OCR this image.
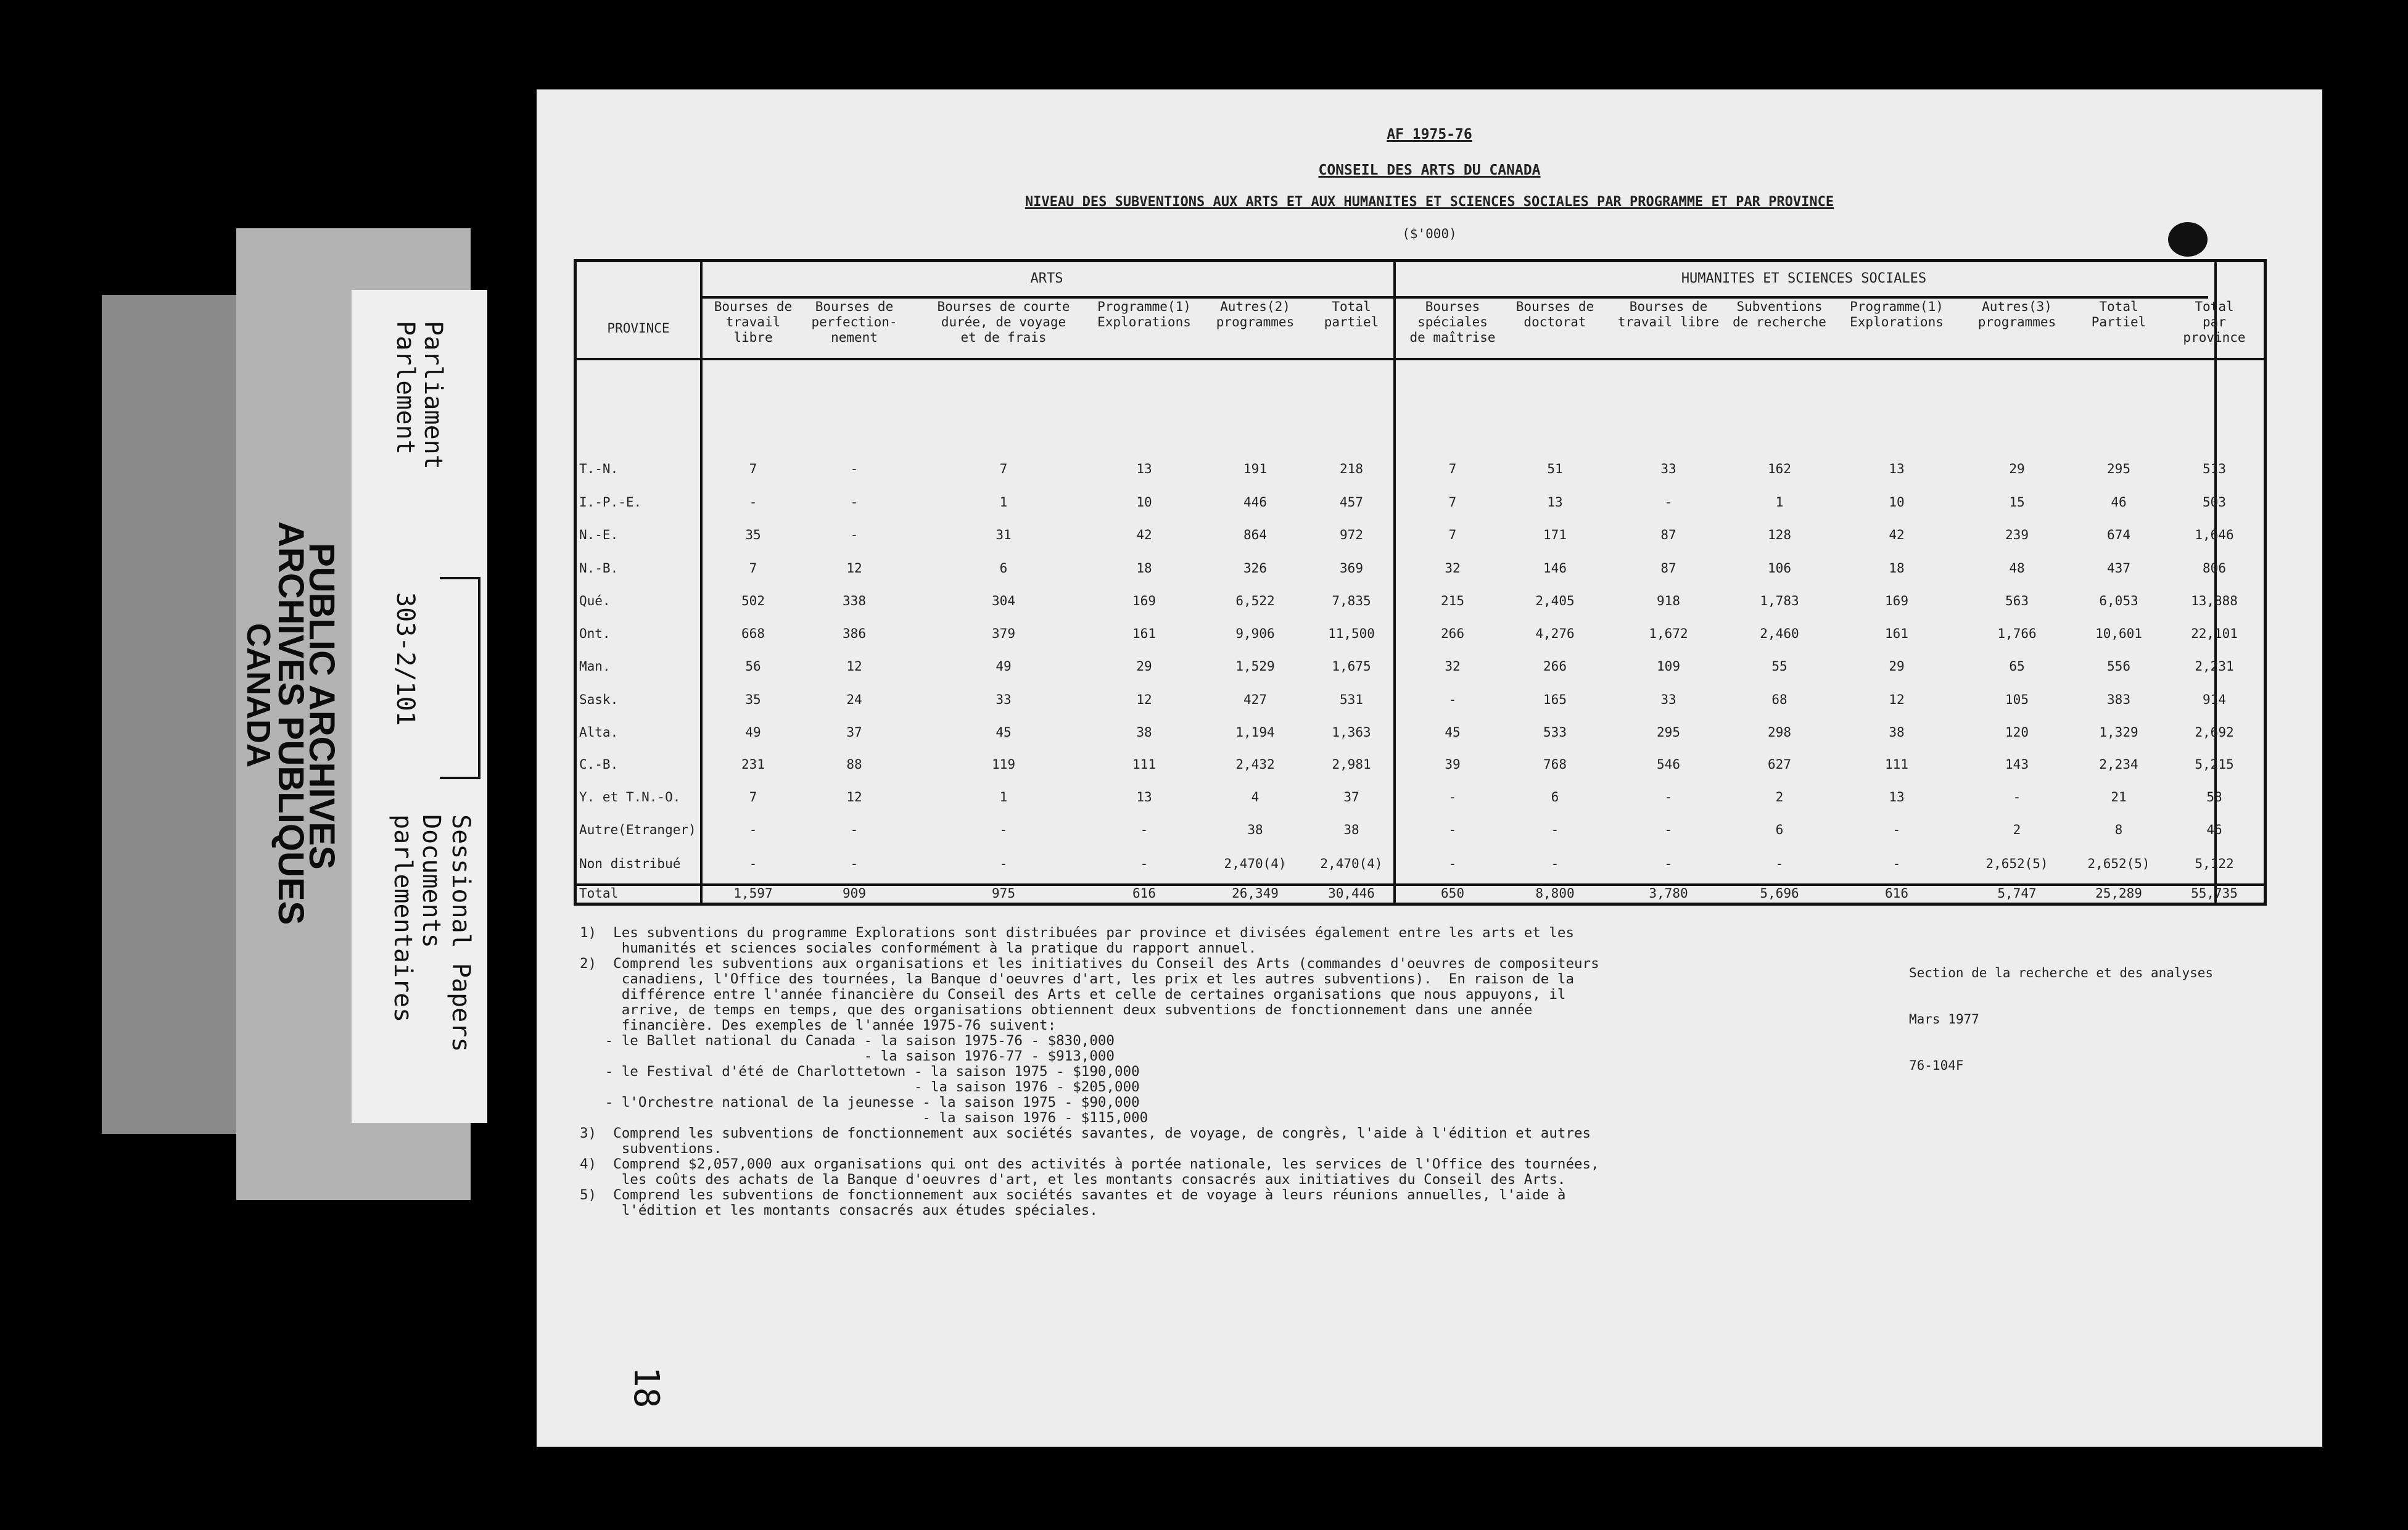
Parliament
Parlement
303-2/101
PUBLIC ARCHIVES
ARCHIVES PUBLIQUES
CANADA
Sessional Papers
Documents
parlementaires
AF 1975-76
CONSEIL DES ARTS DU CANADA
NIVEAU DES SUBVENTIONS AUX ARTS ET AUX HUMANITES ET SCIENCES SOCIALES PAR PROGRAMME ET PAR PROVINCE
($'000)
ARTS	HUMANITES ET SCIENCES SOCIALES
PROVINCE
Bourses de travail libre
Bourses de perfection-nement
Bourses de courte durée, de voyage et de frais
Programme(1) Explorations
Autres(2) programmes
Total partiel
Bourses spéciales de maîtrise
Bourses de doctorat
Bourses de travail libre
Subventions de recherche
Programme(1) Explorations
Autres(3) programmes
Total Partiel
Total par province
T.-N.	7	-	7	13	191	218	7	51	33	162	13	29	295	513
I.-P.-E.	-	-	1	10	446	457	7	13	-	1	10	15	46	503
N.-E.	35	-	31	42	864	972	7	171	87	128	42	239	674	1,646
N.-B.	7	12	6	18	326	369	32	146	87	106	18	48	437	806
Qué.	502	338	304	169	6,522	7,835	215	2,405	918	1,783	169	563	6,053	13,888
Ont.	668	386	379	161	9,906	11,500	266	4,276	1,672	2,460	161	1,766	10,601	22,101
Man.	56	12	49	29	1,529	1,675	32	266	109	55	29	65	556	2,231
Sask.	35	24	33	12	427	531	-	165	33	68	12	105	383	914
Alta.	49	37	45	38	1,194	1,363	45	533	295	298	38	120	1,329	2,692
C.-B.	231	88	119	111	2,432	2,981	39	768	546	627	111	143	2,234	5,215
Y. et T.N.-O.	7	12	1	13	4	37	-	6	-	2	13	-	21	58
Autre(Etranger)	-	-	-	-	38	38	-	-	-	6	-	2	8	46
Non distribué	-	-	-	-	2,470(4)	2,470(4)	-	-	-	-	-	2,652(5)	2,652(5)	5,122
Total	1,597	909	975	616	26,349	30,446	650	8,800	3,780	5,696	616	5,747	25,289	55,735
1)  Les subventions du programme Explorations sont distribuées par province et divisées également entre les arts et les
humanités et sciences sociales conformément à la pratique du rapport annuel.
2)  Comprend les subventions aux organisations et les initiatives du Conseil des Arts (commandes d'oeuvres de compositeurs
canadiens, l'Office des tournées, la Banque d'oeuvres d'art, les prix et les autres subventions).  En raison de la
différence entre l'année financière du Conseil des Arts et celle de certaines organisations que nous appuyons, il
arrive, de temps en temps, que des organisations obtiennent deux subventions de fonctionnement dans une année
financière. Des exemples de l'année 1975-76 suivent:
- le Ballet national du Canada - la saison 1975-76 - $830,000
- la saison 1976-77 - $913,000
- le Festival d'été de Charlottetown - la saison 1975 - $190,000
- la saison 1976 - $205,000
- l'Orchestre national de la jeunesse - la saison 1975 - $90,000
- la saison 1976 - $115,000
3)  Comprend les subventions de fonctionnement aux sociétés savantes, de voyage, de congrès, l'aide à l'édition et autres
subventions.
4)  Comprend $2,057,000 aux organisations qui ont des activités à portée nationale, les services de l'Office des tournées,
les coûts des achats de la Banque d'oeuvres d'art, et les montants consacrés aux initiatives du Conseil des Arts.
5)  Comprend les subventions de fonctionnement aux sociétés savantes et de voyage à leurs réunions annuelles, l'aide à
l'édition et les montants consacrés aux études spéciales.

Section de la recherche et des analyses

Mars 1977

76-104F

18
